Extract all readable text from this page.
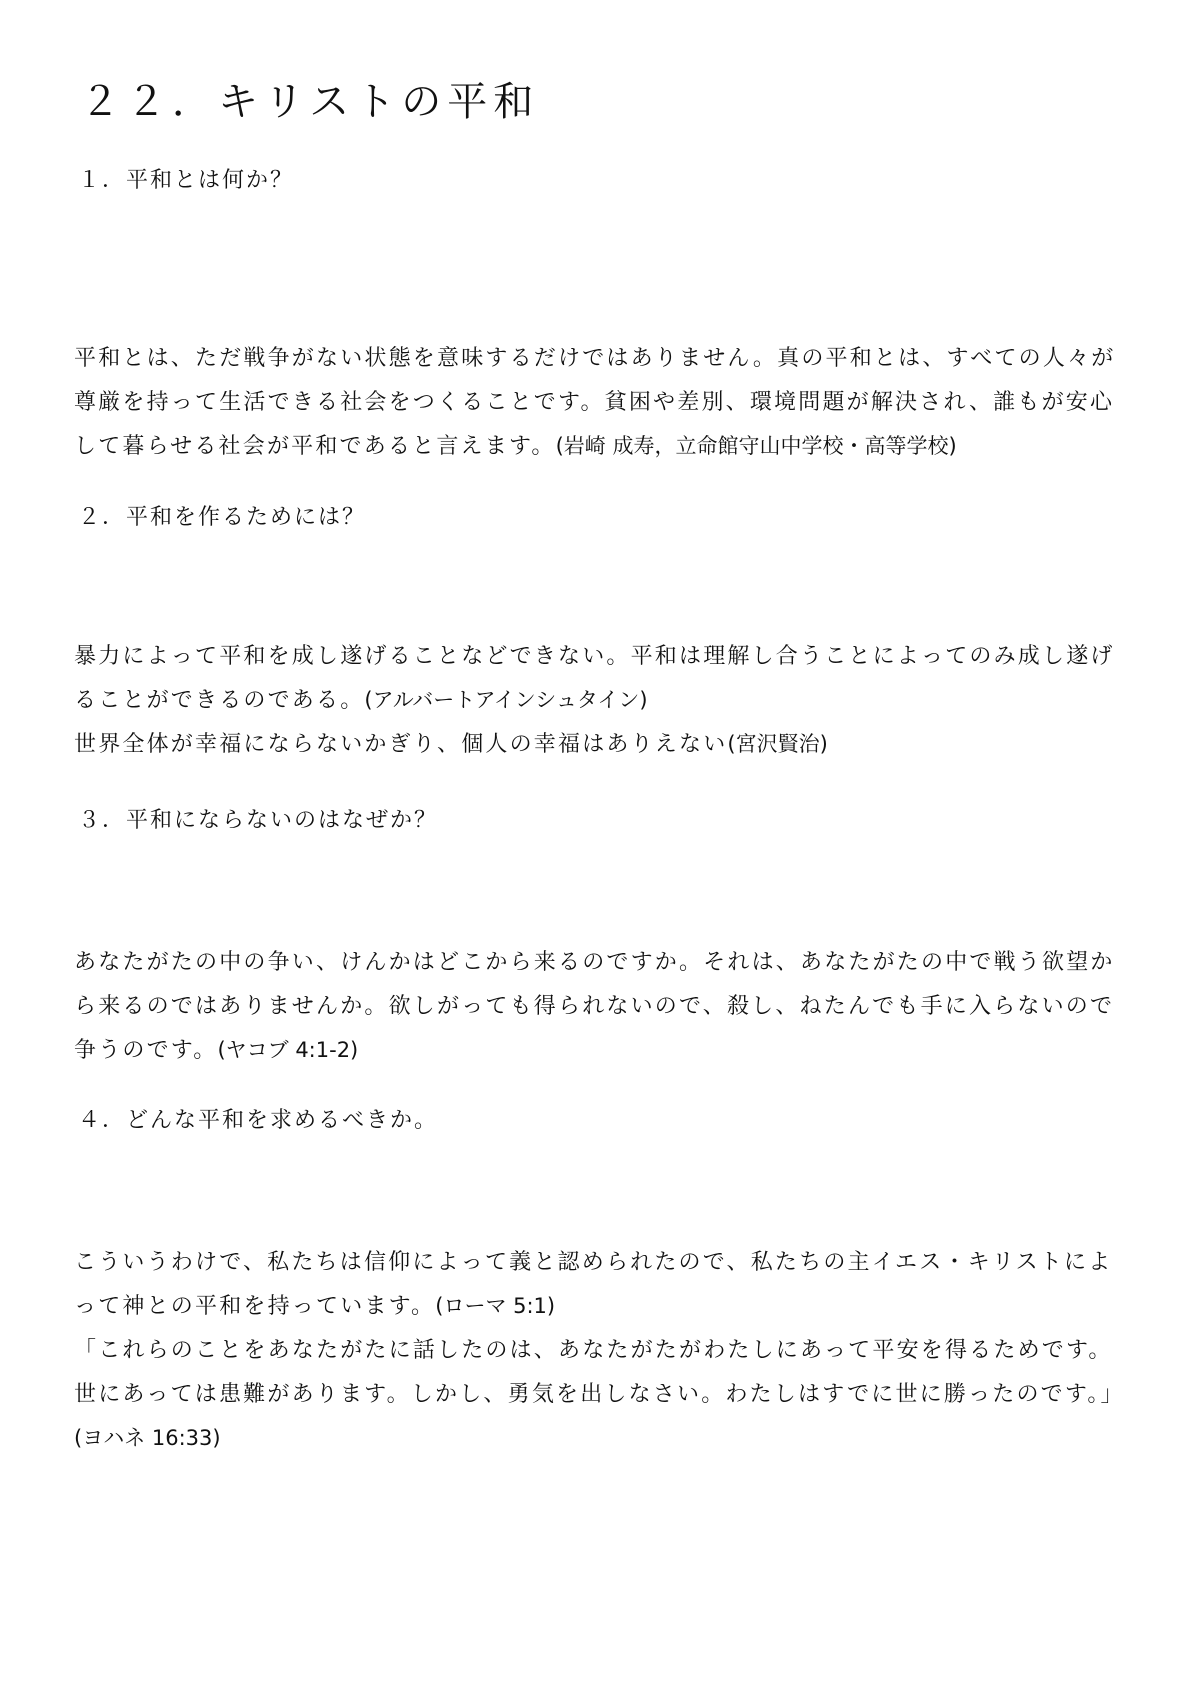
２２．キリストの平和
１．平和とは何か？
平和とは、ただ戦争がない状態を意味するだけではありません。真の平和とは、すべての人々が
尊厳を持って生活できる社会をつくることです。貧困や差別、環境問題が解決され、誰もが安心
して暮らせる社会が平和であると言えます。(岩崎 成寿，立命館守山中学校・高等学校)
２．平和を作るためには？
暴力によって平和を成し遂げることなどできない。平和は理解し合うことによってのみ成し遂げ
ることができるのである。(アルバートアインシュタイン)
世界全体が幸福にならないかぎり、個人の幸福はありえない(宮沢賢治)
３．平和にならないのはなぜか？
あなたがたの中の争い、けんかはどこから来るのですか。それは、あなたがたの中で戦う欲望か
ら来るのではありませんか。欲しがっても得られないので、殺し、ねたんでも手に入らないので
争うのです。(ヤコブ 4:1-2)
４．どんな平和を求めるべきか。
こういうわけで、私たちは信仰によって義と認められたので、私たちの主イエス・キリストによ
って神との平和を持っています。(ローマ 5:1)
「これらのことをあなたがたに話したのは、あなたがたがわたしにあって平安を得るためです。
世にあっては患難があります。しかし、勇気を出しなさい。わたしはすでに世に勝ったのです。」
(ヨハネ 16:33)
